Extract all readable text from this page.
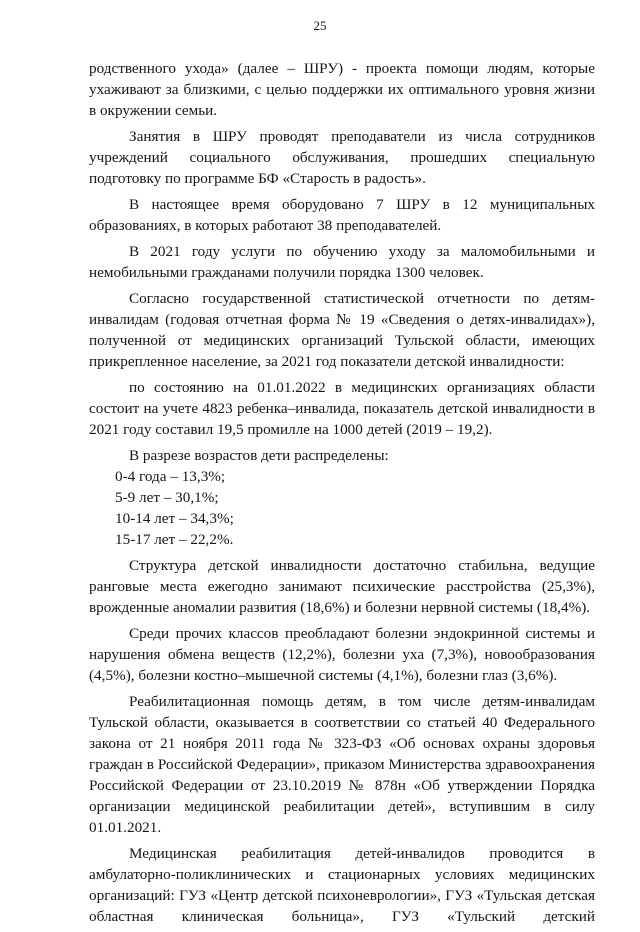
25

родственного ухода» (далее – ШРУ) - проекта помощи людям, которые ухаживают за близкими, с целью поддержки их оптимального уровня жизни в окружении семьи.

Занятия в ШРУ проводят преподаватели из числа сотрудников учреждений социального обслуживания, прошедших специальную подготовку по программе БФ «Старость в радость».

В настоящее время оборудовано 7 ШРУ в 12 муниципальных образованиях, в которых работают 38 преподавателей.

В 2021 году услуги по обучению уходу за маломобильными и немобильными гражданами получили порядка 1300 человек.

Согласно государственной статистической отчетности по детям-инвалидам (годовая отчетная форма № 19 «Сведения о детях-инвалидах»), полученной от медицинских организаций Тульской области, имеющих прикрепленное население, за 2021 год показатели детской инвалидности:

по состоянию на 01.01.2022 в медицинских организациях области состоит на учете 4823 ребенка–инвалида, показатель детской инвалидности в 2021 году составил 19,5 промилле на 1000 детей (2019 – 19,2).

В разрезе возрастов дети распределены:

0-4 года – 13,3%;
5-9 лет – 30,1%;
10-14 лет – 34,3%;
15-17 лет – 22,2%.

Структура детской инвалидности достаточно стабильна, ведущие ранговые места ежегодно занимают психические расстройства (25,3%), врожденные аномалии развития (18,6%) и болезни нервной системы (18,4%).

Среди прочих классов преобладают болезни эндокринной системы и нарушения обмена веществ (12,2%), болезни уха (7,3%), новообразования (4,5%), болезни костно–мышечной системы (4,1%), болезни глаз (3,6%).

Реабилитационная помощь детям, в том числе детям-инвалидам Тульской области, оказывается в соответствии со статьей 40 Федерального закона от 21 ноября 2011 года № 323-ФЗ «Об основах охраны здоровья граждан в Российской Федерации», приказом Министерства здравоохранения Российской Федерации от 23.10.2019 № 878н «Об утверждении Порядка организации медицинской реабилитации детей», вступившим в силу 01.01.2021.

Медицинская реабилитация детей-инвалидов проводится в амбулаторно-поликлинических и стационарных условиях медицинских организаций: ГУЗ «Центр детской психоневрологии», ГУЗ «Тульская детская областная клиническая больница», ГУЗ «Тульский детский
